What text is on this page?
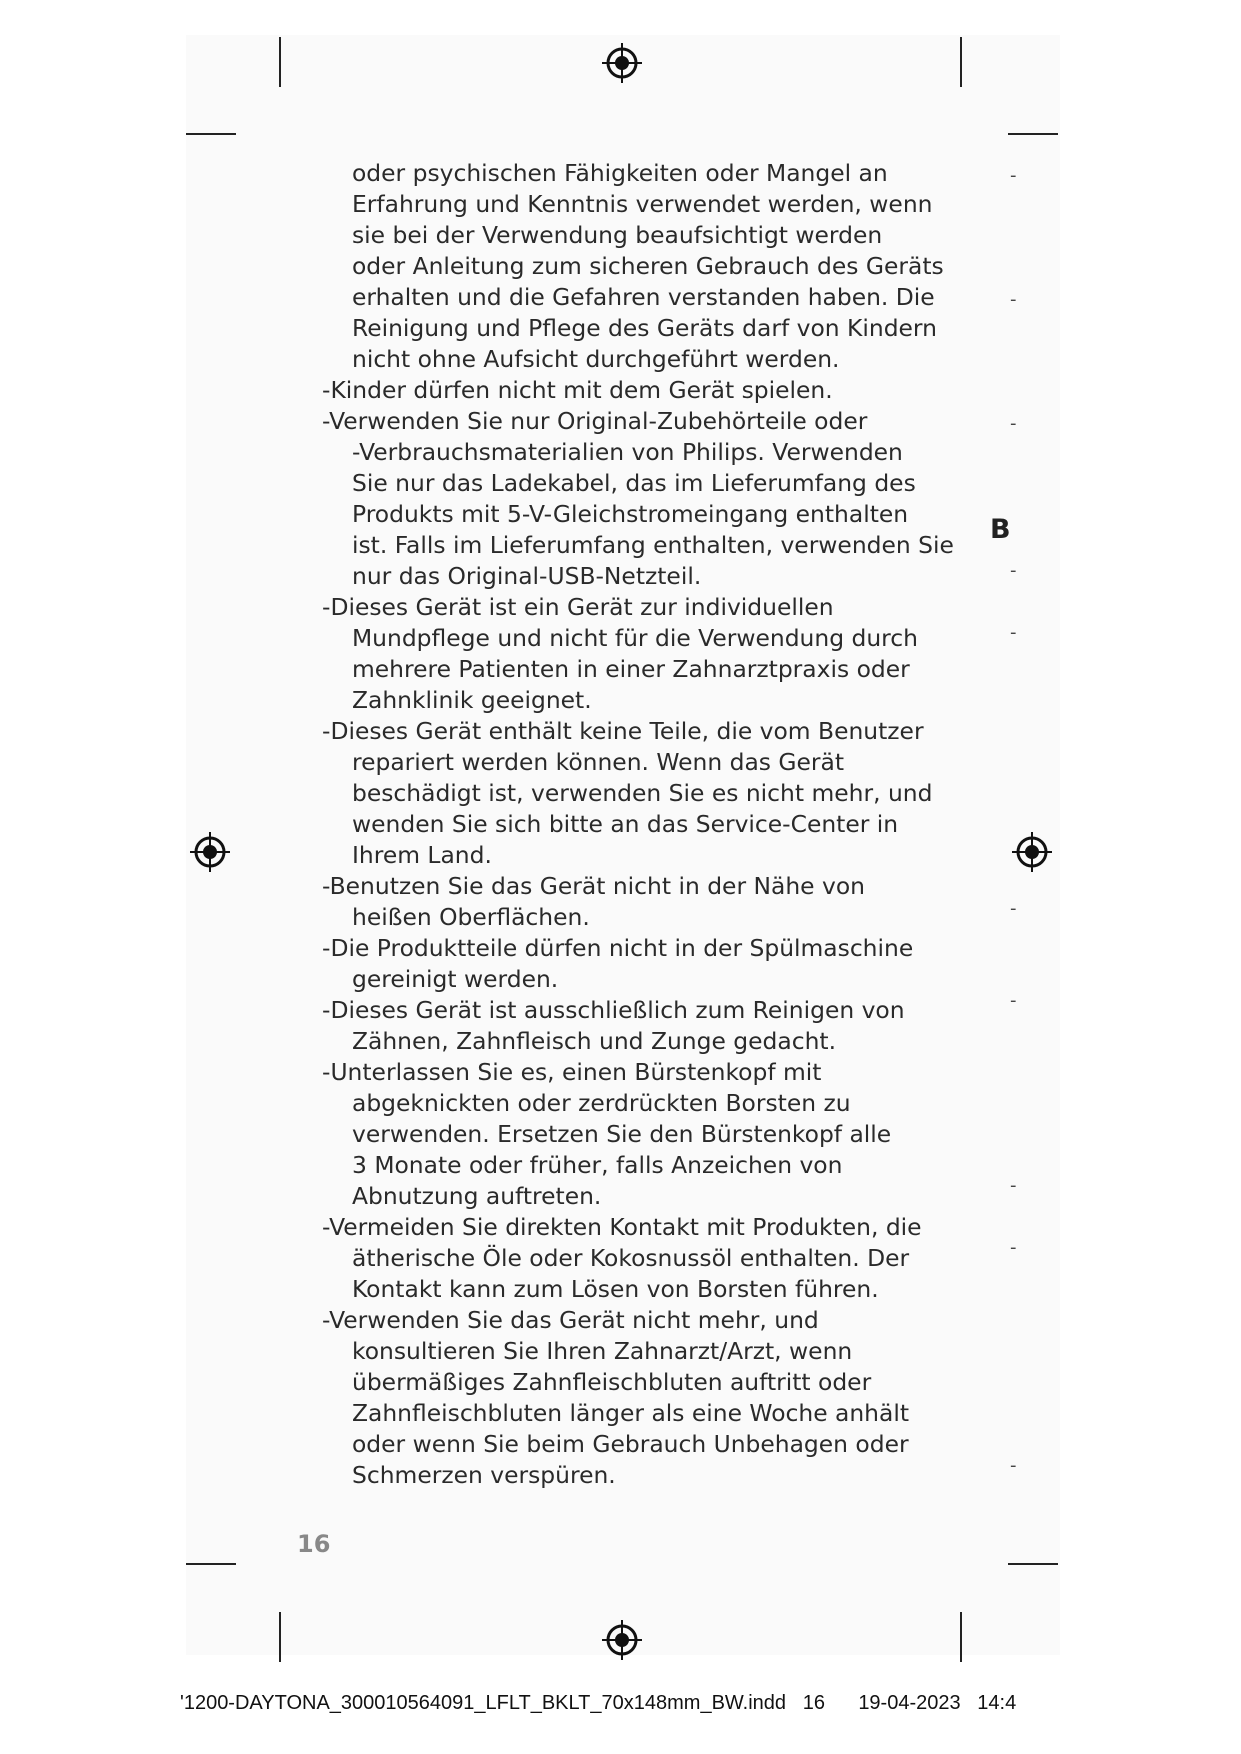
oder psychischen Fähigkeiten oder Mangel an

Erfahrung und Kenntnis verwendet werden, wenn

sie bei der Verwendung beaufsichtigt werden

oder Anleitung zum sicheren Gebrauch des Geräts

erhalten und die Gefahren verstanden haben. Die

Reinigung und Pflege des Geräts darf von Kindern

nicht ohne Aufsicht durchgeführt werden.

-Kinder dürfen nicht mit dem Gerät spielen.

-Verwenden Sie nur Original-Zubehörteile oder

-Verbrauchsmaterialien von Philips. Verwenden

Sie nur das Ladekabel, das im Lieferumfang des

Produkts mit 5-V-Gleichstromeingang enthalten

ist. Falls im Lieferumfang enthalten, verwenden Sie

nur das Original-USB-Netzteil.

-Dieses Gerät ist ein Gerät zur individuellen

Mundpflege und nicht für die Verwendung durch

mehrere Patienten in einer Zahnarztpraxis oder

Zahnklinik geeignet.

-Dieses Gerät enthält keine Teile, die vom Benutzer

repariert werden können. Wenn das Gerät

beschädigt ist, verwenden Sie es nicht mehr, und

wenden Sie sich bitte an das Service-Center in

Ihrem Land.

-Benutzen Sie das Gerät nicht in der Nähe von

heißen Oberflächen.

-Die Produktteile dürfen nicht in der Spülmaschine

gereinigt werden.

-Dieses Gerät ist ausschließlich zum Reinigen von

Zähnen, Zahnfleisch und Zunge gedacht.

-Unterlassen Sie es, einen Bürstenkopf mit

abgeknickten oder zerdrückten Borsten zu

verwenden. Ersetzen Sie den Bürstenkopf alle

3 Monate oder früher, falls Anzeichen von

Abnutzung auftreten.

-Vermeiden Sie direkten Kontakt mit Produkten, die

ätherische Öle oder Kokosnussöl enthalten. Der

Kontakt kann zum Lösen von Borsten führen.

-Verwenden Sie das Gerät nicht mehr, und

konsultieren Sie Ihren Zahnarzt/Arzt, wenn

übermäßiges Zahnfleischbluten auftritt oder

Zahnfleischbluten länger als eine Woche anhält

oder wenn Sie beim Gebrauch Unbehagen oder

Schmerzen verspüren.

B
-
-
-
-
-
-
-
-
-
-
16
'1200-DAYTONA_300010564091_LFLT_BKLT_70x148mm_BW.indd 16 19-04-2023 14:4
